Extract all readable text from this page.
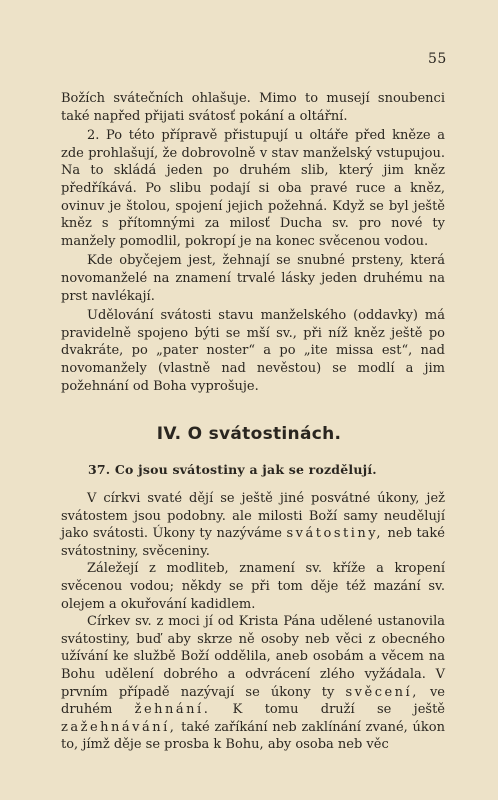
55

Božích svátečních ohlašuje. Mimo to musejí snoubenci také napřed přijati svátosť pokání a oltářní.

2. Po této přípravě přistupují u oltáře před kněze a zde prohlašují, že dobrovolně v stav manželský vstupujou. Na to skládá jeden po druhém slib, který jim kněz předříkává. Po slibu podají si oba pravé ruce a kněz, ovinuv je štolou, spojení jejich požehná. Když se byl ještě kněz s přítomnými za milosť Ducha sv. pro nové ty manžely pomodlil, pokropí je na konec svěcenou vodou.

Kde obyčejem jest, žehnají se snubné prsteny, která novomanželé na znamení trvalé lásky jeden druhému na prst navlékají.

Udělování svátosti stavu manželského (oddavky) má pravidelně spojeno býti se mší sv., při níž kněz ještě po dvakráte, po „pater noster“ a po „ite missa est“, nad novomanžely (vlastně nad nevěstou) se modlí a jim požehnání od Boha vyprošuje.

IV. O svátostinách.
37. Co jsou svátostiny a jak se rozdělují.

V církvi svaté dějí se ještě jiné posvátné úkony, jež svátostem jsou podobny. ale milosti Boží samy neudělují jako svátosti. Úkony ty nazýváme svátostiny, neb také svátostniny, svěceniny.

Záležejí z modliteb, znamení sv. kříže a kropení svěcenou vodou; někdy se při tom děje též mazání sv. olejem a okuřování kadidlem.

Církev sv. z moci jí od Krista Pána udělené ustanovila svátostiny, buď aby skrze ně osoby neb věci z obecného užívání ke službě Boží oddělila, aneb osobám a věcem na Bohu udělení dobrého a odvrácení zlého vyžádala. V prvním případě nazývají se úkony ty svěcení, ve druhém žehnání. K tomu druží se ještě zažehnávání, také zaříkání neb zaklínání zvané, úkon to, jímž děje se prosba k Bohu, aby osoba neb věc
